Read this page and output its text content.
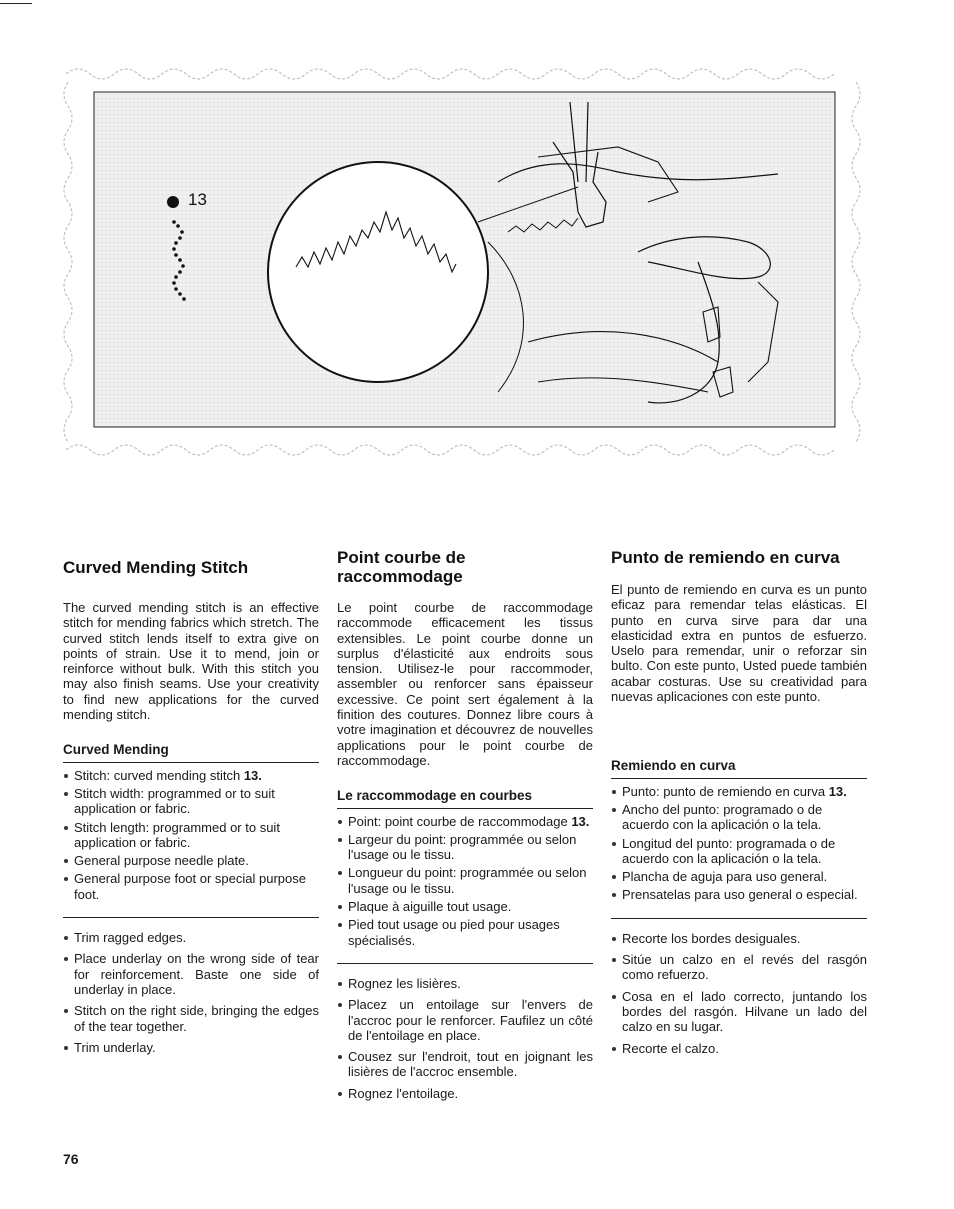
13
Curved Mending Stitch

The curved mending stitch is an effective stitch for mending fabrics which stretch. The curved stitch lends itself to extra give on points of strain. Use it to mend, join or reinforce without bulk. With this stitch you may also finish seams. Use your creativity to find new applications for the curved mending stitch.

Curved Mending
Stitch: curved mending stitch 13.
Stitch width: programmed or to suit application or fabric.
Stitch length: programmed or to suit application or fabric.
General purpose needle plate.
General purpose foot or special purpose foot.
Trim ragged edges.
Place underlay on the wrong side of tear for reinforcement. Baste one side of underlay in place.
Stitch on the right side, bringing the edges of the tear together.
Trim underlay.
Point courbe de raccommodage

Le point courbe de raccommodage raccommode efficacement les tissus extensibles. Le point courbe donne un surplus d'élasticité aux endroits sous tension. Utilisez-le pour raccommoder, assembler ou renforcer sans épaisseur excessive. Ce point sert également à la finition des coutures. Donnez libre cours à votre imagination et découvrez de nouvelles applications pour le point courbe de raccommodage.

Le raccommodage en courbes
Point: point courbe de raccommodage 13.
Largeur du point: programmée ou selon l'usage ou le tissu.
Longueur du point: programmée ou selon l'usage ou le tissu.
Plaque à aiguille tout usage.
Pied tout usage ou pied pour usages spécialisés.
Rognez les lisières.
Placez un entoilage sur l'envers de l'accroc pour le renforcer. Faufilez un côté de l'entoilage en place.
Cousez sur l'endroit, tout en joignant les lisières de l'accroc ensemble.
Rognez l'entoilage.
Punto de remiendo en curva

El punto de remiendo en curva es un punto eficaz para remendar telas elásticas. El punto en curva sirve para dar una elasticidad extra en puntos de esfuerzo. Uselo para remendar, unir o reforzar sin bulto. Con este punto, Usted puede también acabar costuras. Use su creatividad para nuevas aplicaciones con este punto.

Remiendo en curva
Punto: punto de remiendo en curva 13.
Ancho del punto: programado o de acuerdo con la aplicación o la tela.
Longitud del punto: programada o de acuerdo con la aplicación o la tela.
Plancha de aguja para uso general.
Prensatelas para uso general o especial.
Recorte los bordes desiguales.
Sitúe un calzo en el revés del rasgón como refuerzo.
Cosa en el lado correcto, juntando los bordes del rasgón. Hilvane un lado del calzo en su lugar.
Recorte el calzo.
76
